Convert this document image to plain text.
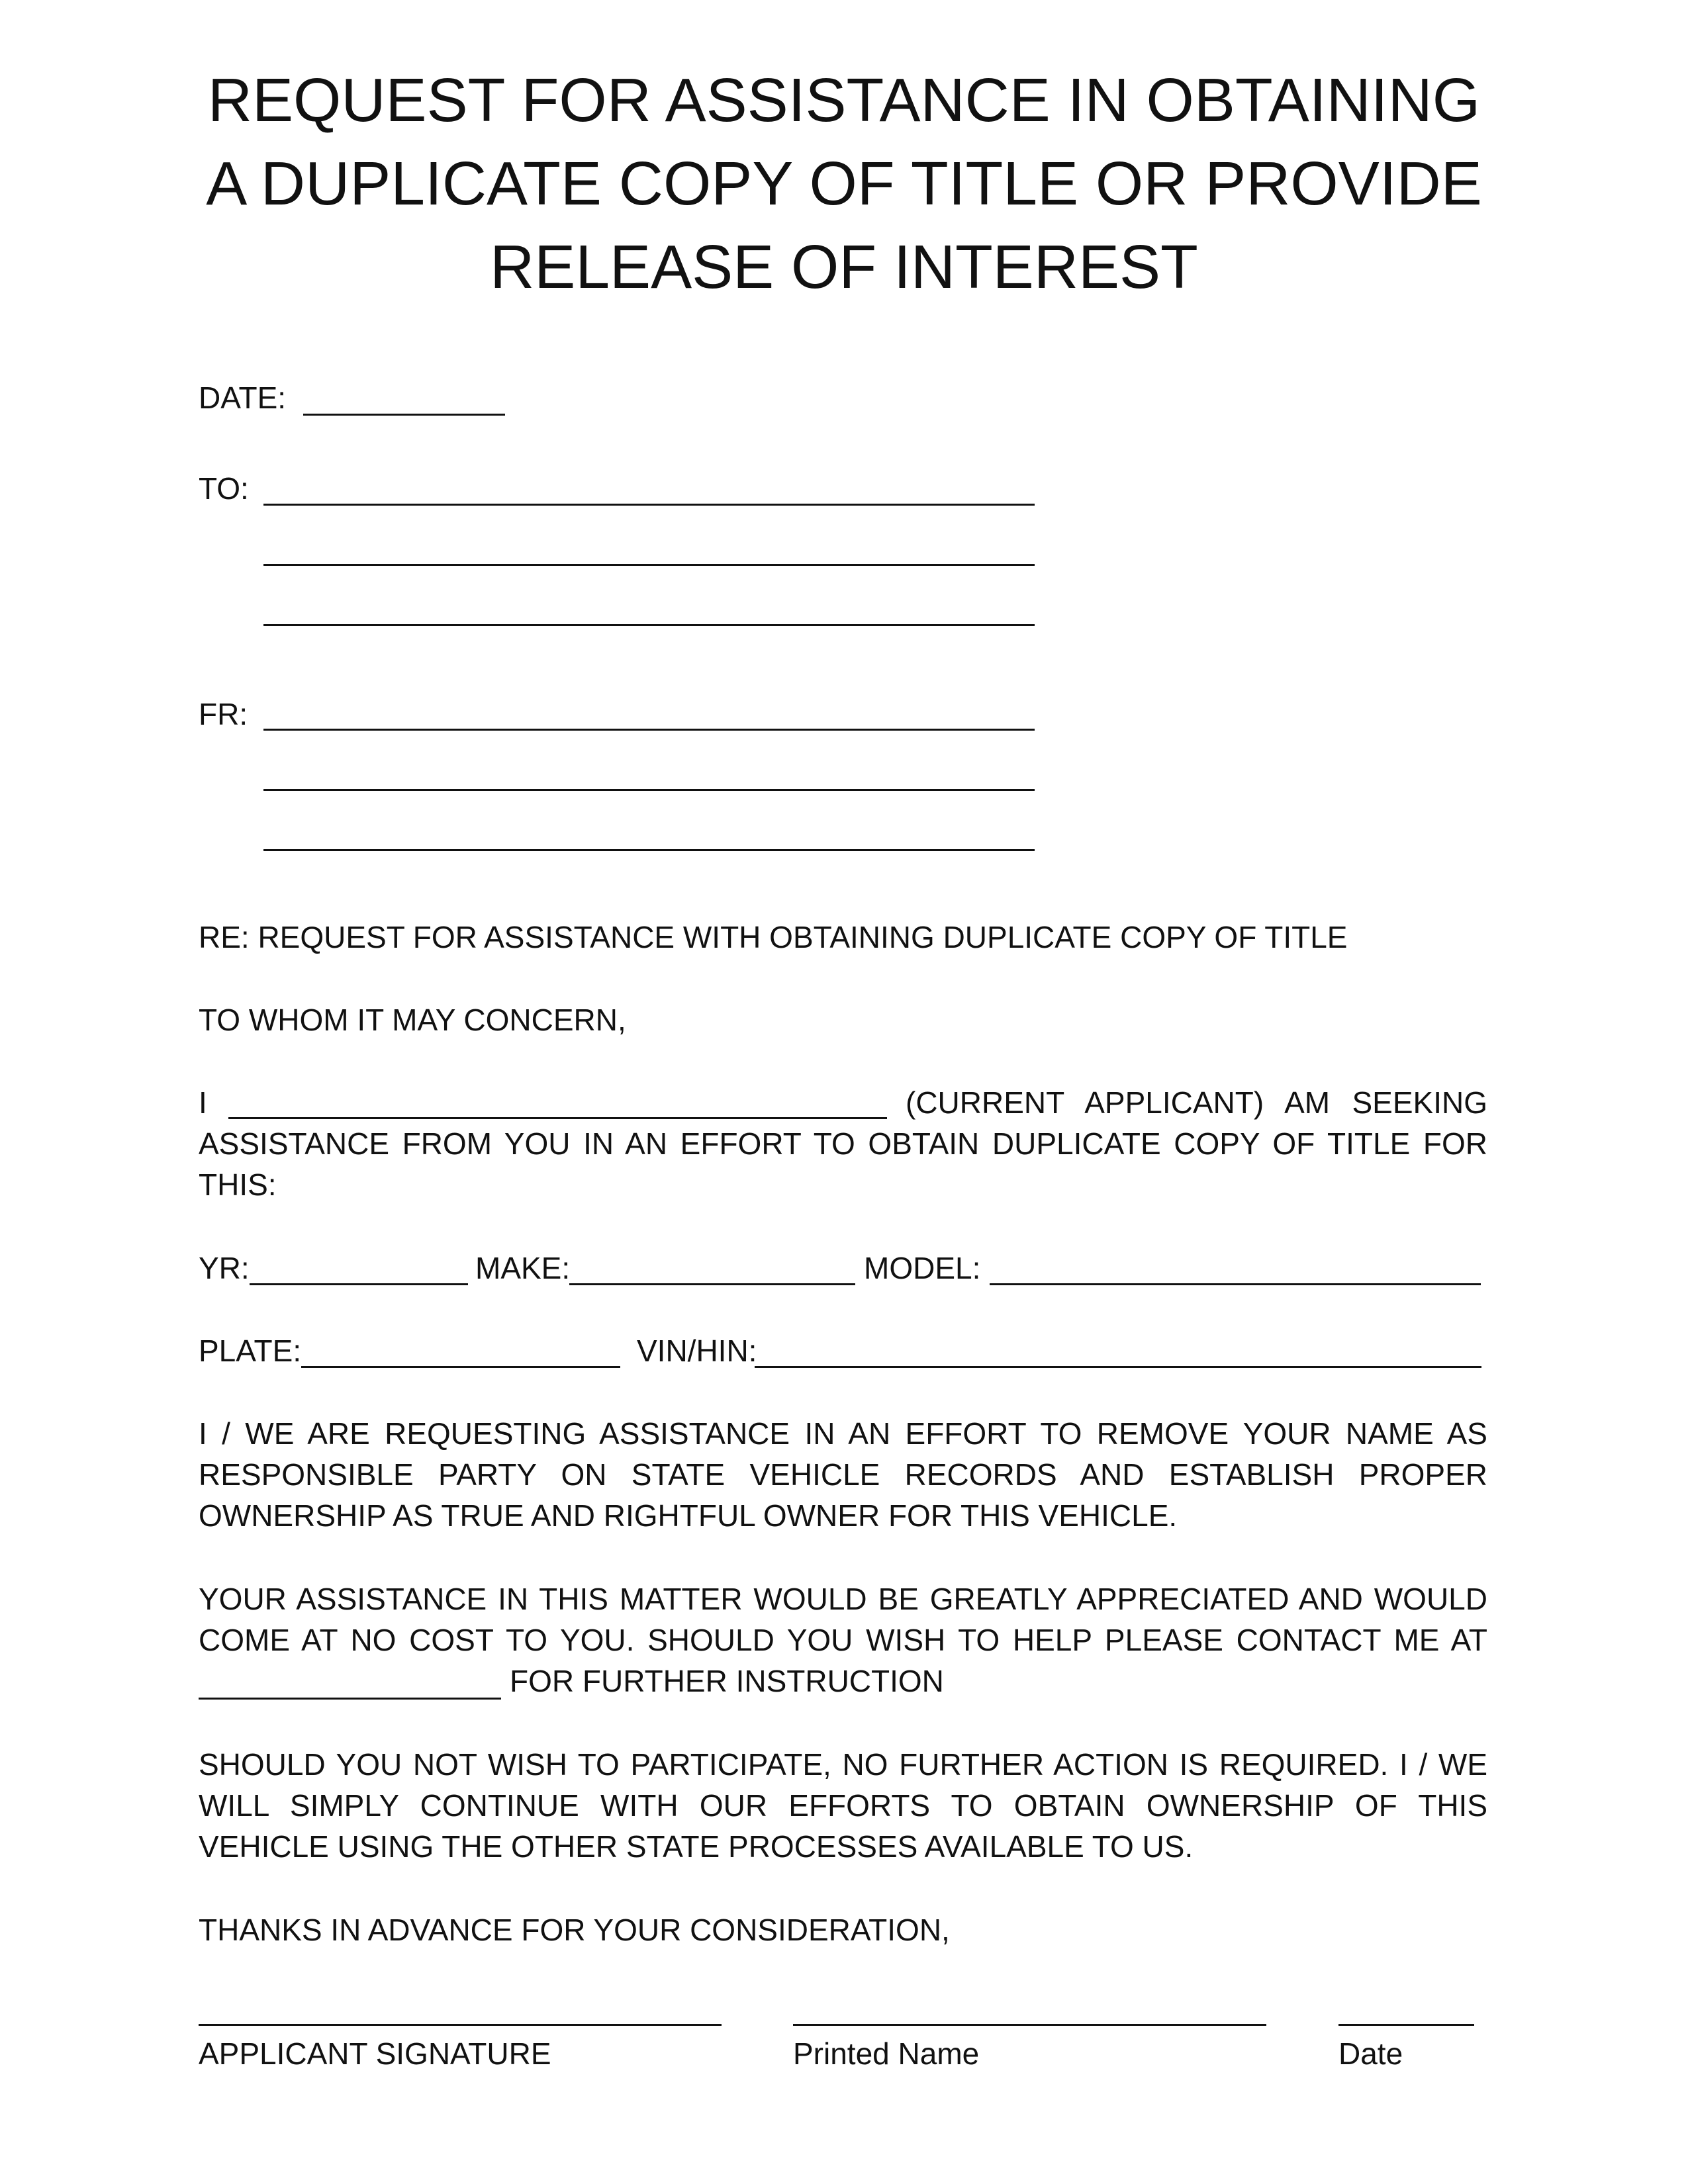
REQUEST FOR ASSISTANCE IN OBTAINING
A DUPLICATE COPY OF TITLE OR PROVIDE
RELEASE OF INTEREST
DATE:
TO:
FR:
RE: REQUEST FOR ASSISTANCE WITH OBTAINING DUPLICATE COPY OF TITLE
TO WHOM IT MAY CONCERN,
I	(CURRENT APPLICANT) AM SEEKING
ASSISTANCE FROM YOU IN AN EFFORT TO OBTAIN DUPLICATE COPY OF TITLE FOR
THIS:
YR:	MAKE:	MODEL:
PLATE:	VIN/HIN:
I / WE ARE REQUESTING ASSISTANCE IN AN EFFORT TO REMOVE YOUR NAME AS
RESPONSIBLE PARTY ON STATE VEHICLE RECORDS AND ESTABLISH PROPER
OWNERSHIP AS TRUE AND RIGHTFUL OWNER FOR THIS VEHICLE.
YOUR ASSISTANCE IN THIS MATTER WOULD BE GREATLY APPRECIATED AND WOULD
COME AT NO COST TO YOU. SHOULD YOU WISH TO HELP PLEASE CONTACT ME AT
FOR FURTHER INSTRUCTION
SHOULD YOU NOT WISH TO PARTICIPATE, NO FURTHER ACTION IS REQUIRED. I / WE
WILL SIMPLY CONTINUE WITH OUR EFFORTS TO OBTAIN OWNERSHIP OF THIS
VEHICLE USING THE OTHER STATE PROCESSES AVAILABLE TO US.
THANKS IN ADVANCE FOR YOUR CONSIDERATION,
APPLICANT SIGNATURE	Printed Name	Date
